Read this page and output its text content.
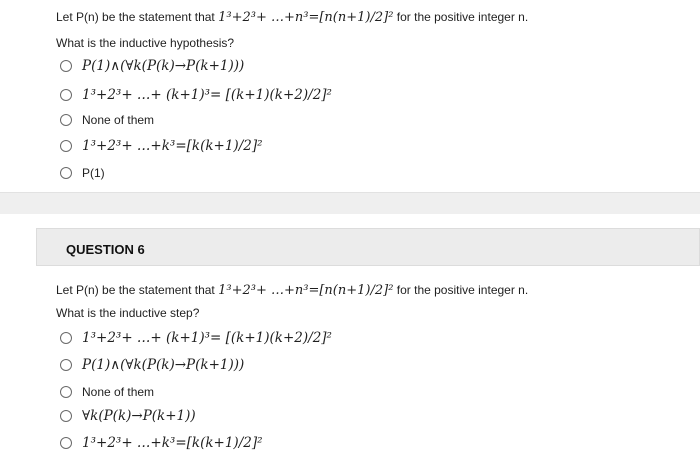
Let P(n) be the statement that 1³+2³+ …+n³=[n(n+1)/2]² for the positive integer n.
What is the inductive hypothesis?
P(1)∧(∀k(P(k)→P(k+1)))
1³+2³+ …+ (k+1)³= [(k+1)(k+2)/2]²
None of them
1³+2³+ …+k³=[k(k+1)/2]²
P(1)
QUESTION 6
Let P(n) be the statement that 1³+2³+ …+n³=[n(n+1)/2]² for the positive integer n.
What is the inductive step?
1³+2³+ …+ (k+1)³= [(k+1)(k+2)/2]²
P(1)∧(∀k(P(k)→P(k+1)))
None of them
∀k(P(k)→P(k+1))
1³+2³+ …+k³=[k(k+1)/2]²
